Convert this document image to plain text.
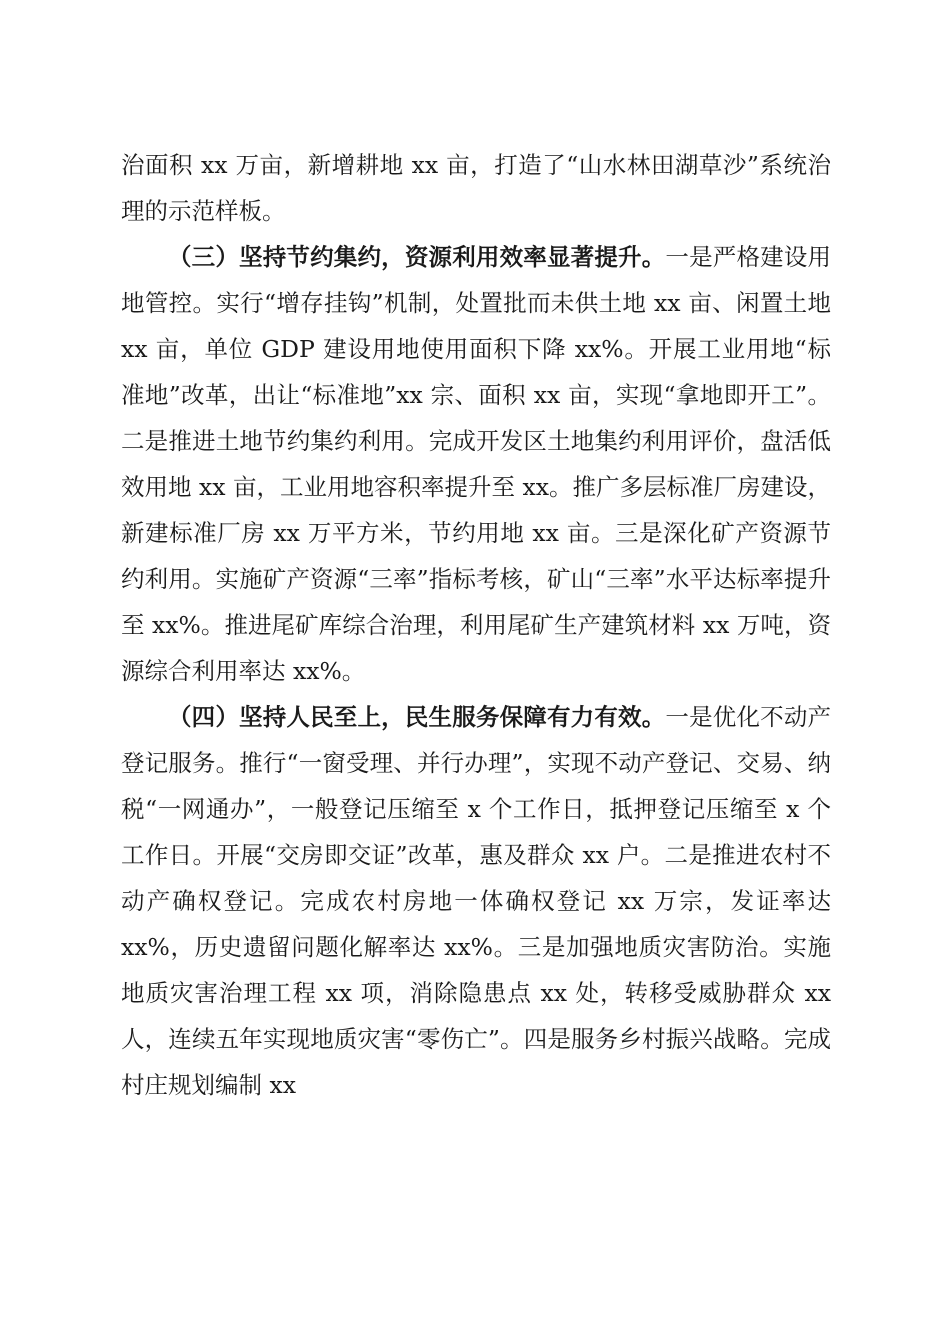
治面积 xx 万亩，新增耕地 xx 亩，打造了“山水林田湖草沙”系统治理的示范样板。

（三）坚持节约集约，资源利用效率显著提升。一是严格建设用地管控。实行“增存挂钩”机制，处置批而未供土地 xx 亩、闲置土地 xx 亩，单位 GDP 建设用地使用面积下降 xx%。开展工业用地“标准地”改革，出让“标准地”xx 宗、面积 xx 亩，实现“拿地即开工”。二是推进土地节约集约利用。完成开发区土地集约利用评价，盘活低效用地 xx 亩，工业用地容积率提升至 xx。推广多层标准厂房建设，新建标准厂房 xx 万平方米，节约用地 xx 亩。三是深化矿产资源节约利用。实施矿产资源“三率”指标考核，矿山“三率”水平达标率提升至 xx%。推进尾矿库综合治理，利用尾矿生产建筑材料 xx 万吨，资源综合利用率达 xx%。

（四）坚持人民至上，民生服务保障有力有效。一是优化不动产登记服务。推行“一窗受理、并行办理”，实现不动产登记、交易、纳税“一网通办”，一般登记压缩至 x 个工作日，抵押登记压缩至 x 个工作日。开展“交房即交证”改革，惠及群众 xx 户。二是推进农村不动产确权登记。完成农村房地一体确权登记 xx 万宗，发证率达 xx%，历史遗留问题化解率达 xx%。三是加强地质灾害防治。实施地质灾害治理工程 xx 项，消除隐患点 xx 处，转移受威胁群众 xx 人，连续五年实现地质灾害“零伤亡”。四是服务乡村振兴战略。完成村庄规划编制 xx
